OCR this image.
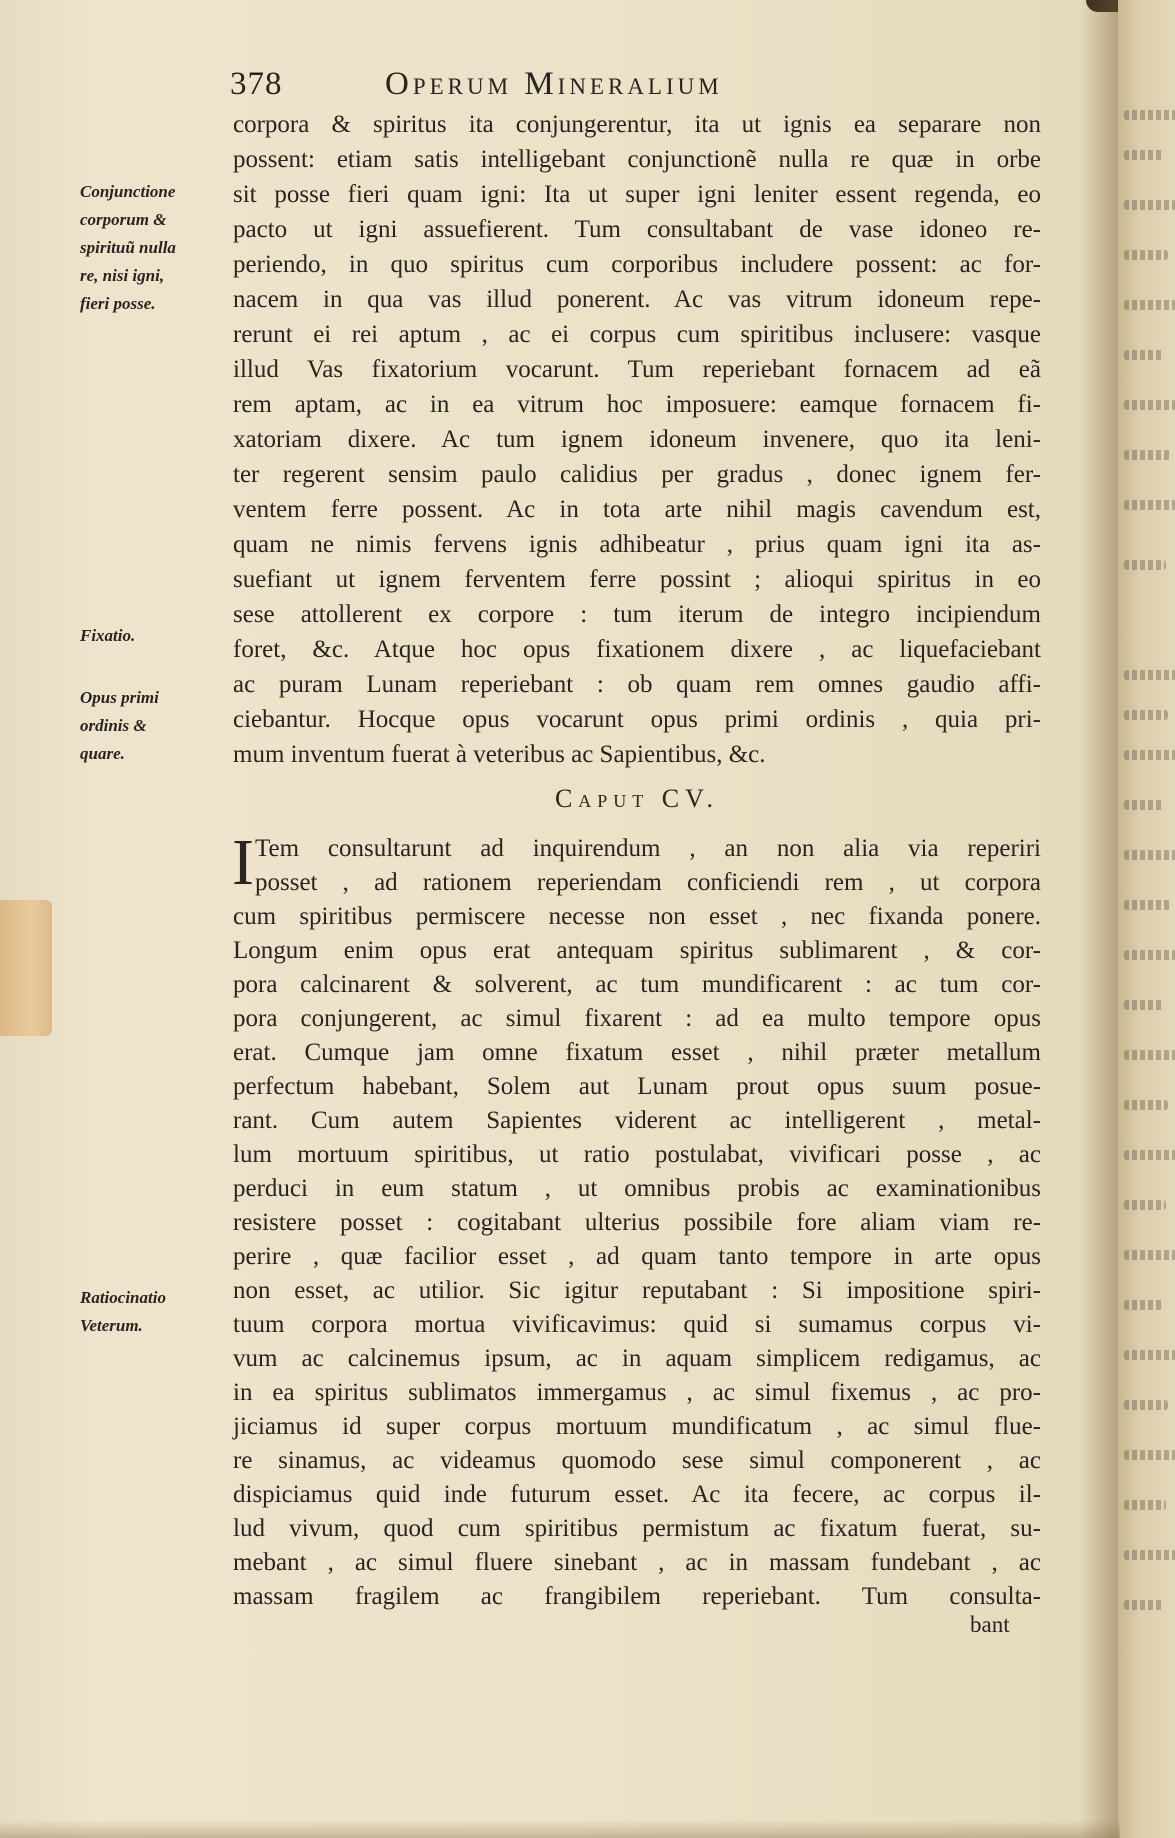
378	Operum Mineralium
Conjunctione
corporum &
spirituũ nulla
re, nisi igni,
fieri posse.
Fixatio.
Opus primi
ordinis &
quare.
Ratiocinatio
Veterum.
corpora & spiritus ita conjungerentur, ita ut ignis ea separare non
possent: etiam satis intelligebant conjunctionẽ nulla re quæ in orbe
sit posse fieri quam igni: Ita ut super igni leniter essent regenda, eo
pacto ut igni assuefierent. Tum consultabant de vase idoneo re-
periendo, in quo spiritus cum corporibus includere possent: ac for-
nacem in qua vas illud ponerent. Ac vas vitrum idoneum repe-
rerunt ei rei aptum , ac ei corpus cum spiritibus inclusere: vasque
illud Vas fixatorium vocarunt. Tum reperiebant fornacem ad eã
rem aptam, ac in ea vitrum hoc imposuere: eamque fornacem fi-
xatoriam dixere. Ac tum ignem idoneum invenere, quo ita leni-
ter regerent sensim paulo calidius per gradus , donec ignem fer-
ventem ferre possent. Ac in tota arte nihil magis cavendum est,
quam ne nimis fervens ignis adhibeatur , prius quam igni ita as-
suefiant ut ignem ferventem ferre possint ; alioqui spiritus in eo
sese attollerent ex corpore : tum iterum de integro incipiendum
foret, &c. Atque hoc opus fixationem dixere , ac liquefaciebant
ac puram Lunam reperiebant : ob quam rem omnes gaudio affi-
ciebantur. Hocque opus vocarunt opus primi ordinis , quia pri-
mum inventum fuerat à veteribus ac Sapientibus, &c.
Caput CV.
I Tem consultarunt ad inquirendum , an non alia via reperiri
posset , ad rationem reperiendam conficiendi rem , ut corpora
cum spiritibus permiscere necesse non esset , nec fixanda ponere.
Longum enim opus erat antequam spiritus sublimarent , & cor-
pora calcinarent & solverent, ac tum mundificarent : ac tum cor-
pora conjungerent, ac simul fixarent : ad ea multo tempore opus
erat. Cumque jam omne fixatum esset , nihil præter metallum
perfectum habebant, Solem aut Lunam prout opus suum posue-
rant. Cum autem Sapientes viderent ac intelligerent , metal-
lum mortuum spiritibus, ut ratio postulabat, vivificari posse , ac
perduci in eum statum , ut omnibus probis ac examinationibus
resistere posset : cogitabant ulterius possibile fore aliam viam re-
perire , quæ facilior esset , ad quam tanto tempore in arte opus
non esset, ac utilior. Sic igitur reputabant : Si impositione spiri-
tuum corpora mortua vivificavimus: quid si sumamus corpus vi-
vum ac calcinemus ipsum, ac in aquam simplicem redigamus, ac
in ea spiritus sublimatos immergamus , ac simul fixemus , ac pro-
jiciamus id super corpus mortuum mundificatum , ac simul flue-
re sinamus, ac videamus quomodo sese simul componerent , ac
dispiciamus quid inde futurum esset. Ac ita fecere, ac corpus il-
lud vivum, quod cum spiritibus permistum ac fixatum fuerat, su-
mebant , ac simul fluere sinebant , ac in massam fundebant , ac
massam fragilem ac frangibilem reperiebant. Tum consulta-
bant
